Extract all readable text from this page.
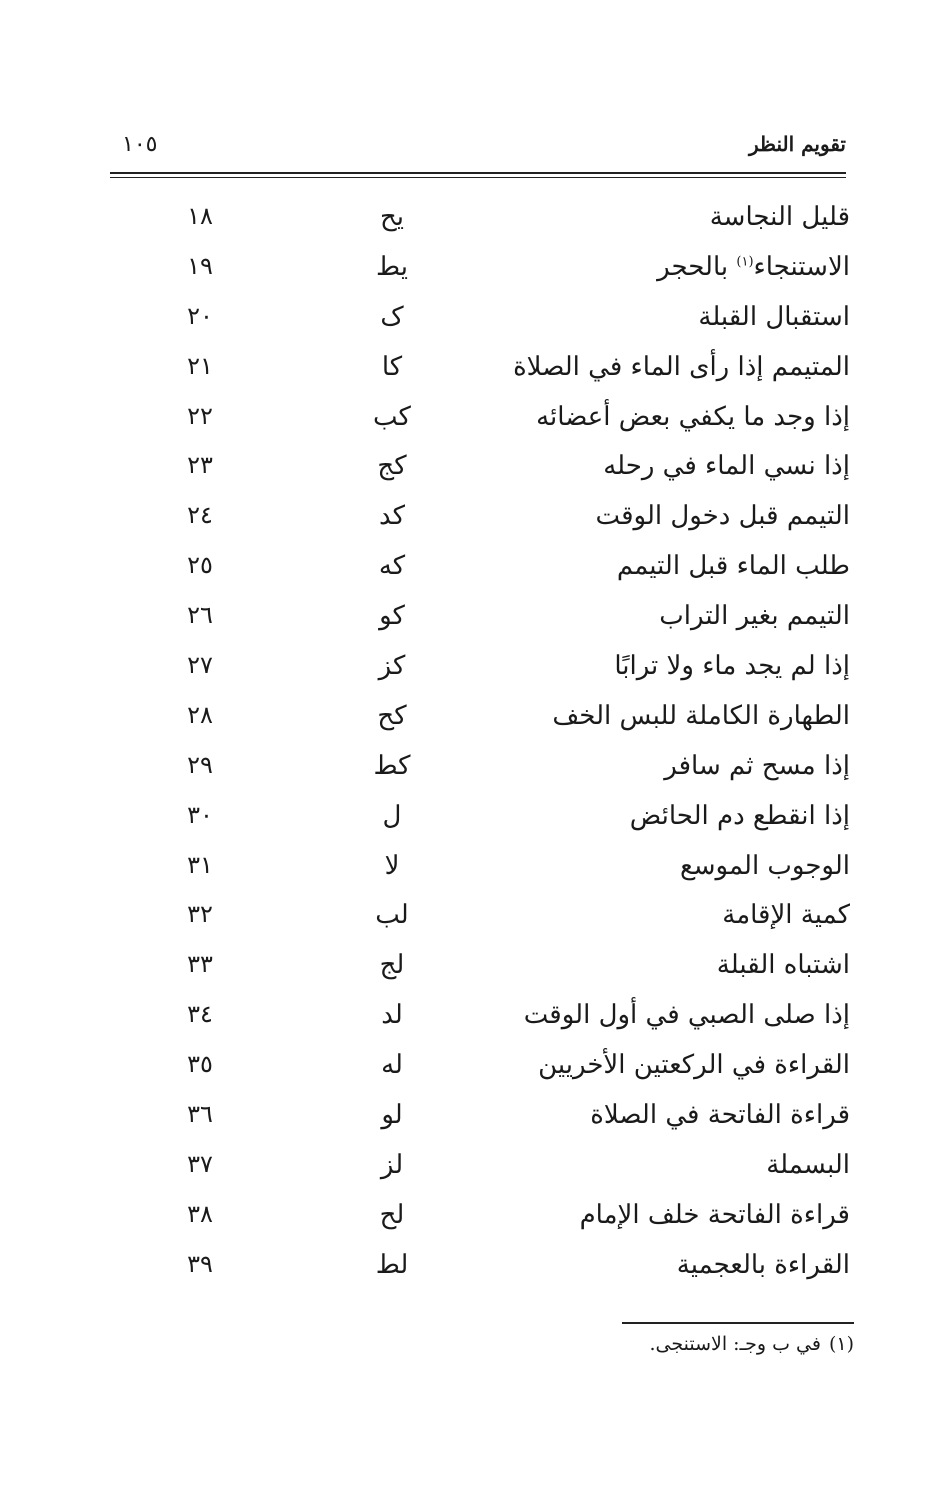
تقويم النظر
١٠٥
قليل النجاسة
يح
١٨
الاستنجاء$^{(١)}$ بالحجر
يط
١٩
استقبال القبلة
ک
٢٠
المتيمم إذا رأى الماء في الصلاة
كا
٢١
إذا وجد ما يكفي بعض أعضائه
كب
٢٢
إذا نسي الماء في رحله
كج
٢٣
التيمم قبل دخول الوقت
كد
٢٤
طلب الماء قبل التيمم
كه
٢٥
التيمم بغير التراب
كو
٢٦
إذا لم يجد ماء ولا ترابًا
كز
٢٧
الطهارة الكاملة للبس الخف
كح
٢٨
إذا مسح ثم سافر
كط
٢٩
إذا انقطع دم الحائض
ل
٣٠
الوجوب الموسع
لا
٣١
كمية الإقامة
لب
٣٢
اشتباه القبلة
لج
٣٣
إذا صلى الصبي في أول الوقت
لد
٣٤
القراءة في الركعتين الأخريين
له
٣٥
قراءة الفاتحة في الصلاة
لو
٣٦
البسملة
لز
٣٧
قراءة الفاتحة خلف الإمام
لح
٣٨
القراءة بالعجمية
لط
٣٩
(١)في ب وجـ: الاستنجى.
